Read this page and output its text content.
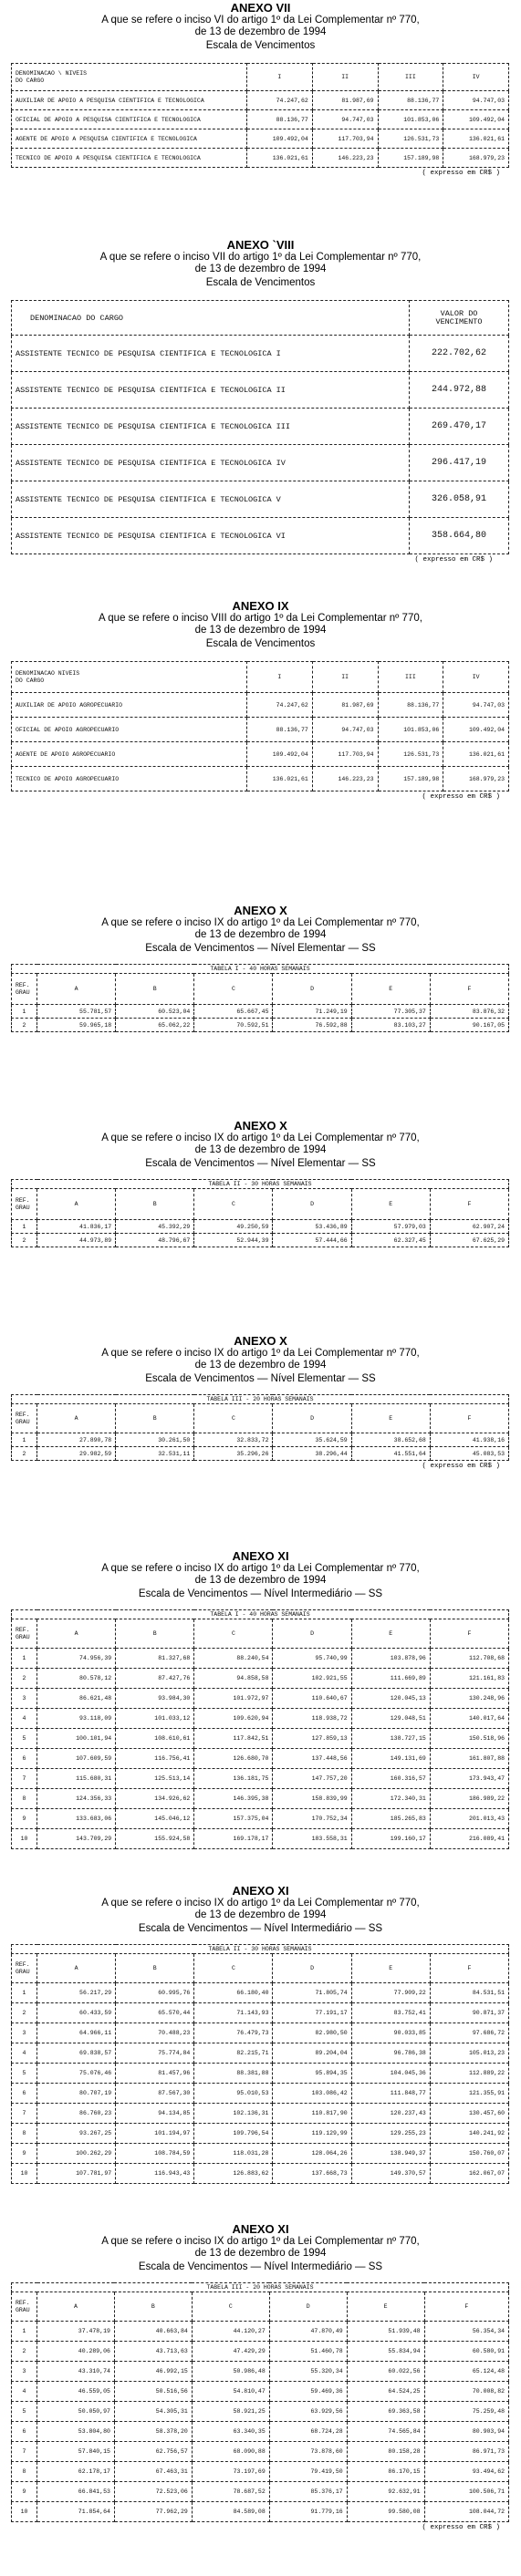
ANEXO VII

A que se refere o inciso VI do artigo 1º da Lei Complementar nº 770,

de 13 de dezembro de 1994

Escala de Vencimentos

DENOMINACAO \ NIVEIS
DO CARGO	I	II	III	IV
AUXILIAR DE APOIO A PESQUISA CIENTIFICA E TECNOLOGICA	74.247,62	81.987,69	88.136,77	94.747,03
OFICIAL DE APOIO A PESQUISA CIENTIFICA E TECNOLOGICA	88.136,77	94.747,03	101.853,06	109.492,04
AGENTE DE APOIO A PESQUISA CIENTIFICA E TECNOLOGICA	109.492,04	117.703,94	126.531,73	136.021,61
TECNICO DE APOIO A PESQUISA CIENTIFICA E TECNOLOGICA	136.021,61	146.223,23	157.189,98	168.979,23
( expresso em CR$ )

ANEXO `VIII

A que se refere o inciso VII do artigo 1º da Lei Complementar nº 770,

de 13 de dezembro de 1994

Escala de Vencimentos

DENOMINACAO DO CARGO	VALOR DO
VENCIMENTO

ASSISTENTE TECNICO DE PESQUISA CIENTIFICA E TECNOLOGICA I	222.702,62
ASSISTENTE TECNICO DE PESQUISA CIENTIFICA E TECNOLOGICA II	244.972,88
ASSISTENTE TECNICO DE PESQUISA CIENTIFICA E TECNOLOGICA III	269.470,17
ASSISTENTE TECNICO DE PESQUISA CIENTIFICA E TECNOLOGICA IV	296.417,19
ASSISTENTE TECNICO DE PESQUISA CIENTIFICA E TECNOLOGICA V	326.058,91
ASSISTENTE TECNICO DE PESQUISA CIENTIFICA E TECNOLOGICA VI	358.664,80
( expresso em CR$ )

ANEXO IX

A que se refere o inciso VIII do artigo 1º da Lei Complementar nº 770,

de 13 de dezembro de 1994

Escala de Vencimentos

DENOMINACAO NIVEIS
DO CARGO	I	II	III	IV
AUXILIAR DE APOIO AGROPECUARIO	74.247,62	81.987,69	88.136,77	94.747,03
OFICIAL DE APOIO AGROPECUARIO	88.136,77	94.747,03	101.853,06	109.492,04
AGENTE DE APOIO AGROPECUARIO	109.492,04	117.703,94	126.531,73	136.021,61
TECNICO DE APOIO AGROPECUARIO	136.021,61	146.223,23	157.189,98	168.979,23
( expresso em CR$ )

ANEXO X

A que se refere o inciso IX do artigo 1º da Lei Complementar nº 770,

de 13 de dezembro de 1994

Escala de Vencimentos — Nível Elementar — SS

TABELA I - 40 HORAS SEMANAIS						

REF.
GRAU	A	B	C	D	E	F
1	55.781,57	60.523,04	65.667,45	71.249,19	77.305,37	83.876,32
2	59.965,18	65.062,22	70.592,51	76.592,88	83.103,27	90.167,05

ANEXO X

A que se refere o inciso IX do artigo 1º da Lei Complementar nº 770,

de 13 de dezembro de 1994

Escala de Vencimentos — Nível Elementar — SS

TABELA II - 30 HORAS SEMANAIS						

REF.
GRAU	A	B	C	D	E	F
1	41.836,17	45.392,29	49.250,59	53.436,89	57.979,03	62.907,24
2	44.973,89	48.796,67	52.944,39	57.444,66	62.327,45	67.625,29

ANEXO X

A que se refere o inciso IX do artigo 1º da Lei Complementar nº 770,

de 13 de dezembro de 1994

Escala de Vencimentos — Nível Elementar — SS

TABELA III - 20 HORAS SEMANAIS						

REF.
GRAU	A	B	C	D	E	F
1	27.890,78	30.261,50	32.833,72	35.624,59	38.652,68	41.938,16
2	29.982,59	32.531,11	35.296,26	38.296,44	41.551,64	45.083,53
( expresso em CR$ )

ANEXO XI

A que se refere o inciso IX do artigo 1º da Lei Complementar nº 770,

de 13 de dezembro de 1994

Escala de Vencimentos — Nível Intermediário — SS

TABELA I - 40 HORAS SEMANAIS						

REF.
GRAU	A	B	C	D	E	F
1	74.956,39	81.327,68	88.240,54	95.740,99	103.878,96	112.708,68
2	80.578,12	87.427,76	94.858,58	102.921,55	111.669,89	121.161,83
3	86.621,48	93.984,30	101.972,97	110.640,67	120.045,13	130.248,96
4	93.118,09	101.033,12	109.620,94	118.938,72	129.048,51	140.017,64
5	100.101,94	108.610,61	117.842,51	127.859,13	138.727,15	150.518,96
6	107.609,59	116.756,41	126.680,70	137.448,56	149.131,69	161.807,88
7	115.680,31	125.513,14	136.181,75	147.757,20	160.316,57	173.943,47
8	124.356,33	134.926,62	146.395,38	158.839,99	172.340,31	186.989,22
9	133.683,06	145.046,12	157.375,04	170.752,34	185.265,83	201.013,43
10	143.709,29	155.924,58	169.178,17	183.558,31	199.160,17	216.089,41

ANEXO XI

A que se refere o inciso IX do artigo 1º da Lei Complementar nº 770,

de 13 de dezembro de 1994

Escala de Vencimentos — Nível Intermediário — SS

TABELA II - 30 HORAS SEMANAIS						

REF.
GRAU	A	B	C	D	E	F
1	56.217,29	60.995,76	66.180,40	71.805,74	77.909,22	84.531,51
2	60.433,59	65.570,44	71.143,93	77.191,17	83.752,41	90.871,37
3	64.966,11	70.488,23	76.479,73	82.980,50	90.033,85	97.686,72
4	69.838,57	75.774,84	82.215,71	89.204,04	96.786,38	105.013,23
5	75.076,46	81.457,96	88.381,88	95.894,35	104.045,36	112.889,22
6	80.707,19	87.567,30	95.010,53	103.086,42	111.848,77	121.355,91
7	86.760,23	94.134,85	102.136,31	110.817,90	120.237,43	130.457,60
8	93.267,25	101.194,97	109.796,54	119.129,99	129.255,23	140.241,92
9	100.262,29	108.784,59	118.031,28	128.064,26	138.949,37	150.760,07
10	107.781,97	116.943,43	126.883,62	137.668,73	149.370,57	162.067,07

ANEXO XI

A que se refere o inciso IX do artigo 1º da Lei Complementar nº 770,

de 13 de dezembro de 1994

Escala de Vencimentos — Nível Intermediário — SS

TABELA III - 20 HORAS SEMANAIS						

REF.
GRAU	A	B	C	D	E	F
1	37.478,19	40.663,84	44.120,27	47.870,49	51.939,48	56.354,34
2	40.289,06	43.713,63	47.429,29	51.460,78	55.834,94	60.580,91
3	43.310,74	46.992,15	50.986,48	55.320,34	60.022,56	65.124,48
4	46.559,05	50.516,56	54.810,47	59.469,36	64.524,25	70.008,82
5	50.050,97	54.305,31	58.921,25	63.929,56	69.363,58	75.259,48
6	53.804,80	58.378,20	63.340,35	68.724,28	74.565,84	80.903,94
7	57.840,15	62.756,57	68.090,88	73.878,60	80.158,28	86.971,73
8	62.178,17	67.463,31	73.197,69	79.419,50	86.170,15	93.494,62
9	66.841,53	72.523,06	78.687,52	85.376,17	92.632,91	100.506,71
10	71.854,64	77.962,29	84.589,08	91.779,16	99.580,08	108.044,72
( expresso em CR$ )
